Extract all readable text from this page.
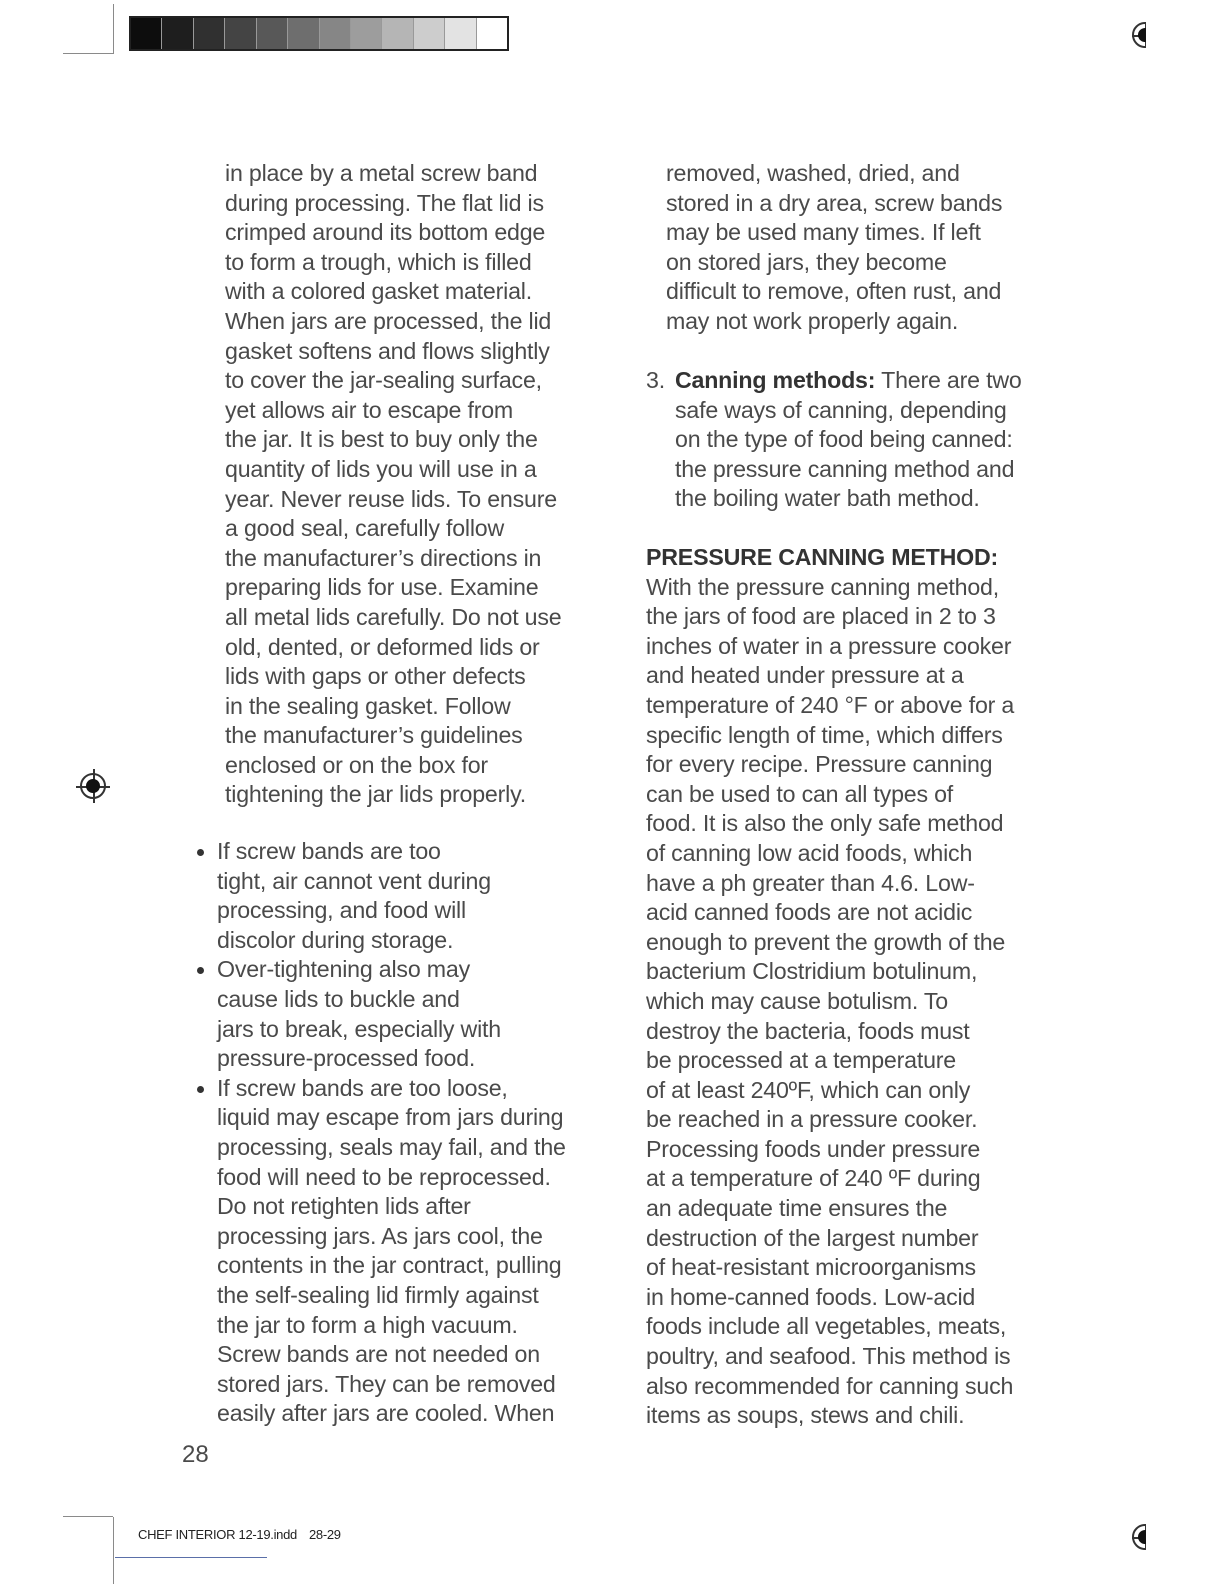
in place by a metal screw band
during processing. The flat lid is
crimped around its bottom edge
to form a trough, which is filled
with a colored gasket material.
When jars are processed, the lid
gasket softens and flows slightly
to cover the jar-sealing surface,
yet allows air to escape from
the jar. It is best to buy only the
quantity of lids you will use in a
year. Never reuse lids. To ensure
a good seal, carefully follow
the manufacturer’s directions in
preparing lids for use. Examine
all metal lids carefully. Do not use
old, dented, or deformed lids or
lids with gaps or other defects
in the sealing gasket. Follow
the manufacturer’s guidelines
enclosed or on the box for
tightening the jar lids properly.
If screw bands are too
tight, air cannot vent during
processing, and food will
discolor during storage.
Over-tightening also may
cause lids to buckle and
jars to break, especially with
pressure-processed food.
If screw bands are too loose,
liquid may escape from jars during
processing, seals may fail, and the
food will need to be reprocessed.
Do not retighten lids after
processing jars. As jars cool, the
contents in the jar contract, pulling
the self-sealing lid firmly against
the jar to form a high vacuum.
Screw bands are not needed on
stored jars. They can be removed
easily after jars are cooled. When
removed, washed, dried, and
stored in a dry area, screw bands
may be used many times. If left
on stored jars, they become
difficult to remove, often rust, and
may not work properly again.
3. Canning methods: There are two
safe ways of canning, depending
on the type of food being canned:
the pressure canning method and
the boiling water bath method.
PRESSURE CANNING METHOD:
With the pressure canning method,
the jars of food are placed in 2 to 3
inches of water in a pressure cooker
and heated under pressure at a
temperature of 240 °F or above for a
specific length of time, which differs
for every recipe. Pressure canning
can be used to can all types of
food. It is also the only safe method
of canning low acid foods, which
have a ph greater than 4.6. Low-
acid canned foods are not acidic
enough to prevent the growth of the
bacterium Clostridium botulinum,
which may cause botulism. To
destroy the bacteria, foods must
be processed at a temperature
of at least 240ºF, which can only
be reached in a pressure cooker.
Processing foods under pressure
at a temperature of 240 ºF during
an adequate time ensures the
destruction of the largest number
of heat-resistant microorganisms
in home-canned foods. Low-acid
foods include all vegetables, meats,
poultry, and seafood. This method is
also recommended for canning such
items as soups, stews and chili.
28
CHEF INTERIOR 12-19.indd 28-29
